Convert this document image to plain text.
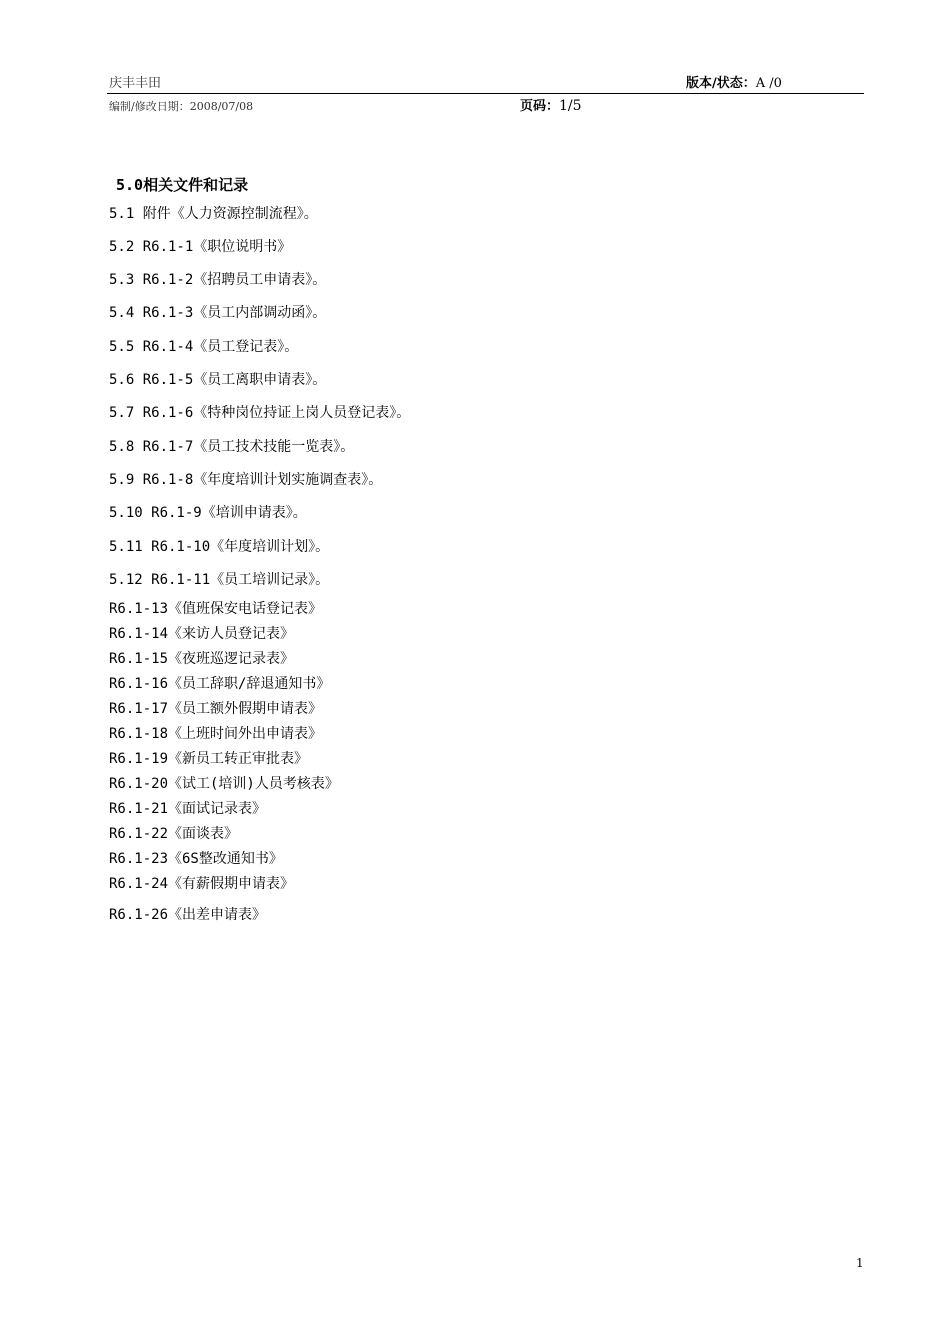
庆丰丰田	版本/状态：A /0
编制/修改日期：2008/07/08	页码：1/5
5.0相关文件和记录
5.1 附件《人力资源控制流程》。
5.2 R6.1-1《职位说明书》
5.3 R6.1-2《招聘员工申请表》。
5.4 R6.1-3《员工内部调动函》。
5.5 R6.1-4《员工登记表》。
5.6 R6.1-5《员工离职申请表》。
5.7 R6.1-6《特种岗位持证上岗人员登记表》。
5.8 R6.1-7《员工技术技能一览表》。
5.9 R6.1-8《年度培训计划实施调查表》。
5.10 R6.1-9《培训申请表》。
5.11 R6.1-10《年度培训计划》。
5.12 R6.1-11《员工培训记录》。
R6.1-13《值班保安电话登记表》
R6.1-14《来访人员登记表》
R6.1-15《夜班巡逻记录表》
R6.1-16《员工辞职/辞退通知书》
R6.1-17《员工额外假期申请表》
R6.1-18《上班时间外出申请表》
R6.1-19《新员工转正审批表》
R6.1-20《试工(培训)人员考核表》
R6.1-21《面试记录表》
R6.1-22《面谈表》
R6.1-23《6S整改通知书》
R6.1-24《有薪假期申请表》
R6.1-26《出差申请表》
1
